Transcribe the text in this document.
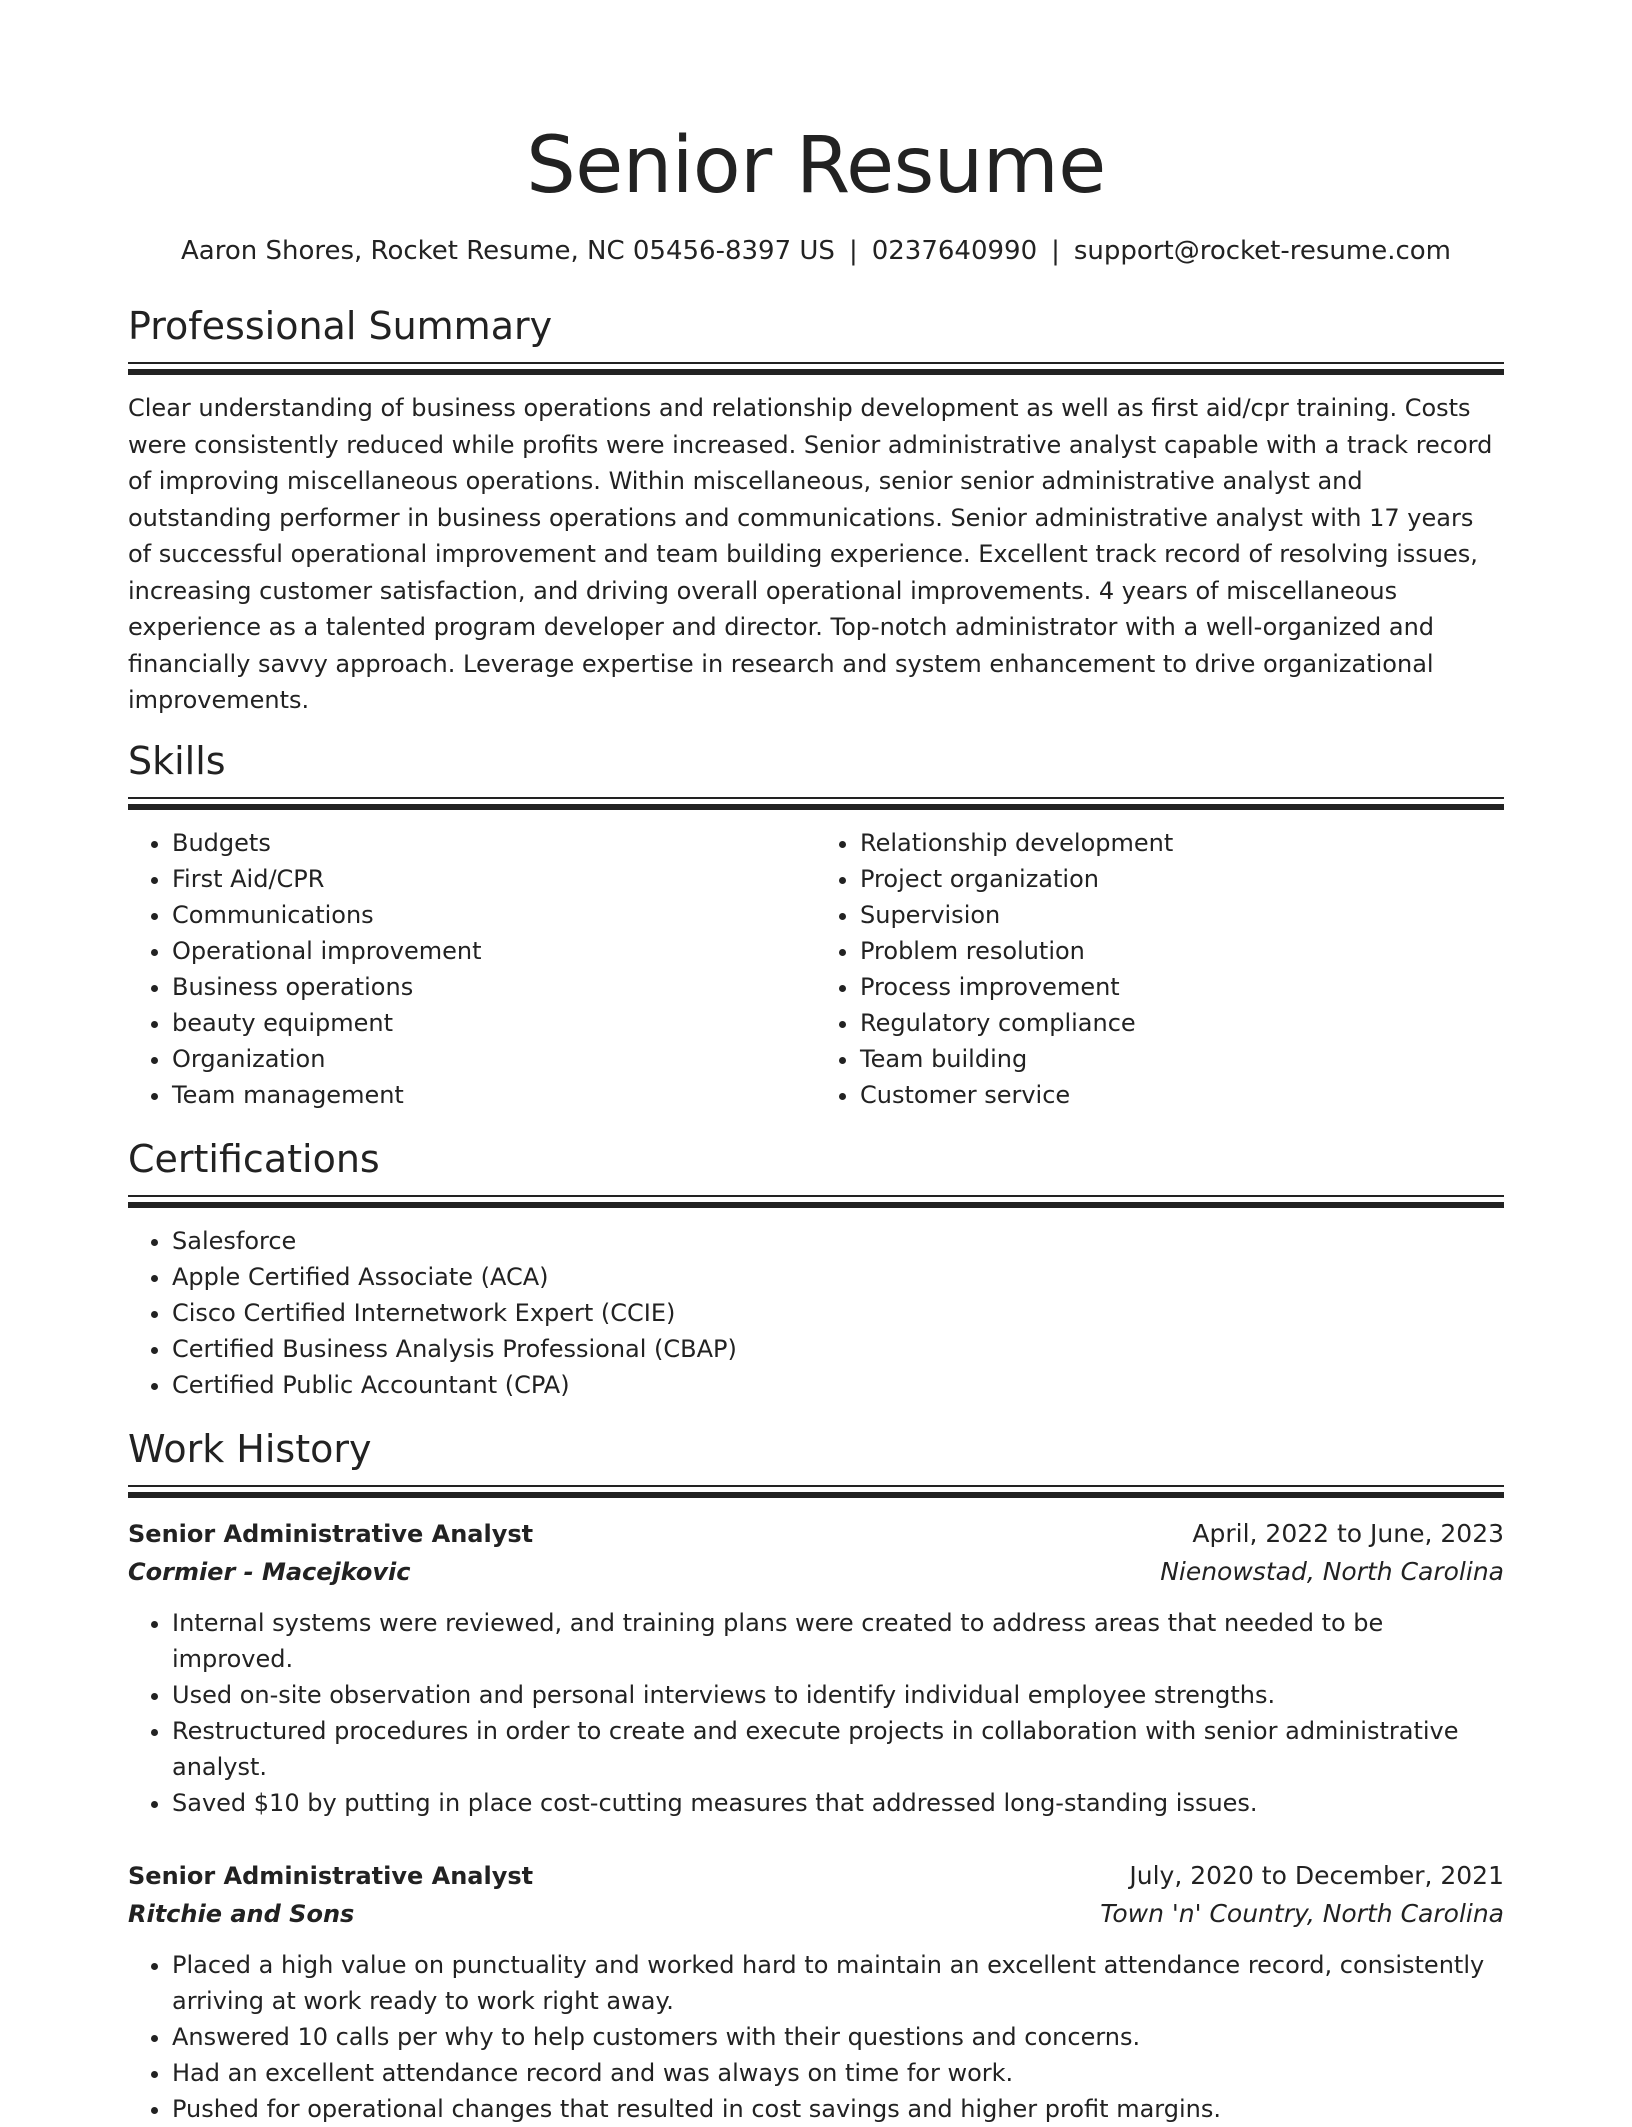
Senior Resume
Aaron Shores, Rocket Resume, NC 05456-8397 US | 0237640990 | support@rocket-resume.com
Professional Summary
Clear understanding of business operations and relationship development as well as first aid/cpr training. Costs were consistently reduced while profits were increased. Senior administrative analyst capable with a track record of improving miscellaneous operations. Within miscellaneous, senior senior administrative analyst and outstanding performer in business operations and communications. Senior administrative analyst with 17 years of successful operational improvement and team building experience. Excellent track record of resolving issues, increasing customer satisfaction, and driving overall operational improvements. 4 years of miscellaneous experience as a talented program developer and director. Top-notch administrator with a well-organized and financially savvy approach. Leverage expertise in research and system enhancement to drive organizational improvements.
Skills
• Budgets
• First Aid/CPR
• Communications
• Operational improvement
• Business operations
• beauty equipment
• Organization
• Team management
• Relationship development
• Project organization
• Supervision
• Problem resolution
• Process improvement
• Regulatory compliance
• Team building
• Customer service
Certifications
• Salesforce
• Apple Certified Associate (ACA)
• Cisco Certified Internetwork Expert (CCIE)
• Certified Business Analysis Professional (CBAP)
• Certified Public Accountant (CPA)
Work History
Senior Administrative Analyst	April, 2022 to June, 2023
Cormier - Macejkovic	Nienowstad, North Carolina
• Internal systems were reviewed, and training plans were created to address areas that needed to be improved.
• Used on-site observation and personal interviews to identify individual employee strengths.
• Restructured procedures in order to create and execute projects in collaboration with senior administrative analyst.
• Saved $10 by putting in place cost-cutting measures that addressed long-standing issues.
Senior Administrative Analyst	July, 2020 to December, 2021
Ritchie and Sons	Town 'n' Country, North Carolina
• Placed a high value on punctuality and worked hard to maintain an excellent attendance record, consistently arriving at work ready to work right away.
• Answered 10 calls per why to help customers with their questions and concerns.
• Had an excellent attendance record and was always on time for work.
• Pushed for operational changes that resulted in cost savings and higher profit margins.
